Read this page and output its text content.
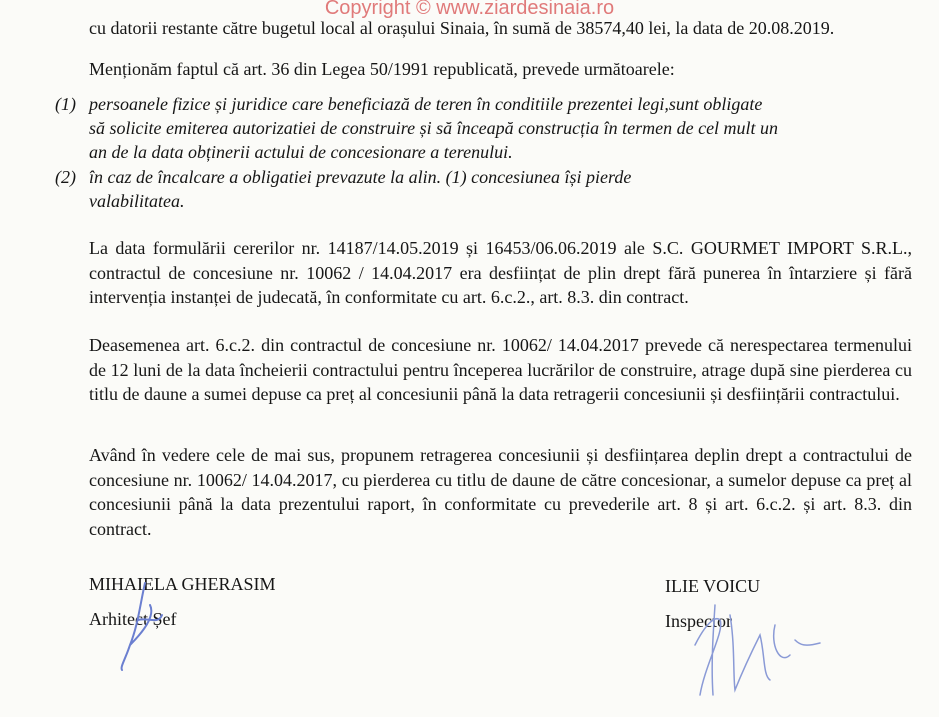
Copyright © www.ziardesinaia.ro
cu datorii restante către bugetul local al orașului Sinaia, în sumă de 38574,40 lei, la data de 20.08.2019.
Menționăm faptul că art. 36 din Legea 50/1991 republicată, prevede următoarele:
(1) persoanele fizice și juridice care beneficiază de teren în conditiile prezentei legi,sunt obligate
să solicite emiterea autorizatiei de construire și să înceapă construcția în termen de cel mult un
an de la data obținerii actului de concesionare a terenului.
(2) în caz de încalcare a obligatiei prevazute la alin. (1) concesiunea își pierde
valabilitatea.
La data formulării cererilor nr. 14187/14.05.2019 și 16453/06.06.2019 ale S.C. GOURMET IMPORT S.R.L., contractul de concesiune nr. 10062 / 14.04.2017 era desființat de plin drept fără punerea în întarziere și fără intervenția instanței de judecată, în conformitate cu art. 6.c.2., art. 8.3. din contract.
Deasemenea art. 6.c.2. din contractul de concesiune nr. 10062/ 14.04.2017 prevede că nerespectarea termenului de 12 luni de la data încheierii contractului pentru începerea lucrărilor de construire, atrage după sine pierderea cu titlu de daune a sumei depuse ca preț al concesiunii până la data retragerii concesiunii și desființării contractului.
Având în vedere cele de mai sus, propunem retragerea concesiunii și desființarea deplin drept a contractului de concesiune nr. 10062/ 14.04.2017, cu pierderea cu titlu de daune de către concesionar, a sumelor depuse ca preț al concesiunii până la data prezentului raport, în conformitate cu prevederile art. 8 și art. 6.c.2. și art. 8.3. din contract.
MIHAIELA GHERASIM
Arhitect Șef
ILIE VOICU
Inspector
